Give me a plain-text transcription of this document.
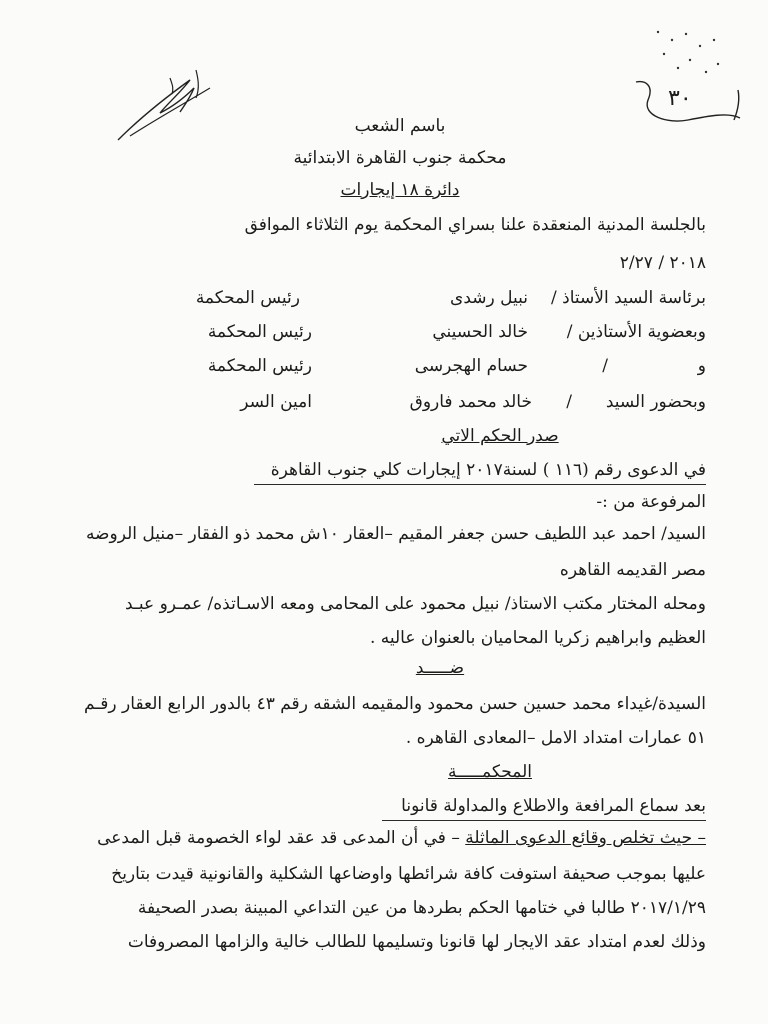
٣٠
باسم الشعب
محكمة جنوب القاهرة الابتدائية
دائرة ١٨ إيجارات
بالجلسة المدنية المنعقدة علنا بسراي المحكمة يوم الثلاثاء الموافق
٢٠١٨ / ٢/٢٧
برئاسة السيد الأستاذ /
نبيل رشدى
رئيس المحكمة
وبعضوية الأستاذين /
خالد الحسيني
رئيس المحكمة
و
/
حسام الهجرسى
رئيس المحكمة
وبحضور السيد
/
خالد محمد فاروق
امين السر
صدر الحكم الاتي
في الدعوى رقم (١١٦ ) لسنة٢٠١٧ إيجارات كلي جنوب القاهرة
المرفوعة من :-
السيد/ احمد عبد اللطيف حسن جعفر المقيم –العقار ١٠ش محمد ذو الفقار –منيل الروضه
مصر القديمه القاهره
ومحله المختار مكتب الاستاذ/ نبيل محمود على المحامى ومعه الاسـاتذه/ عمـرو عبـد
العظيم وابراهيم زكريا المحاميان بالعنوان عاليه .
ضـــــد
السيدة/غيداء محمد حسين حسن محمود والمقيمه الشقه رقم ٤٣ بالدور الرابع العقار رقـم
٥١ عمارات امتداد الامل –المعادى القاهره .
المحكمـــــة
بعد سماع المرافعة والاطلاع والمداولة قانونا
– حيث تخلص وقائع الدعوى الماثلة – في أن المدعى قد عقد لواء الخصومة قبل المدعى
عليها بموجب صحيفة استوفت كافة شرائطها واوضاعها الشكلية والقانونية قيدت بتاريخ
٢٠١٧/١/٢٩ طالبا في ختامها الحكم بطردها من عين التداعي المبينة بصدر الصحيفة
وذلك لعدم امتداد عقد الايجار لها قانونا وتسليمها للطالب خالية والزامها المصروفات
